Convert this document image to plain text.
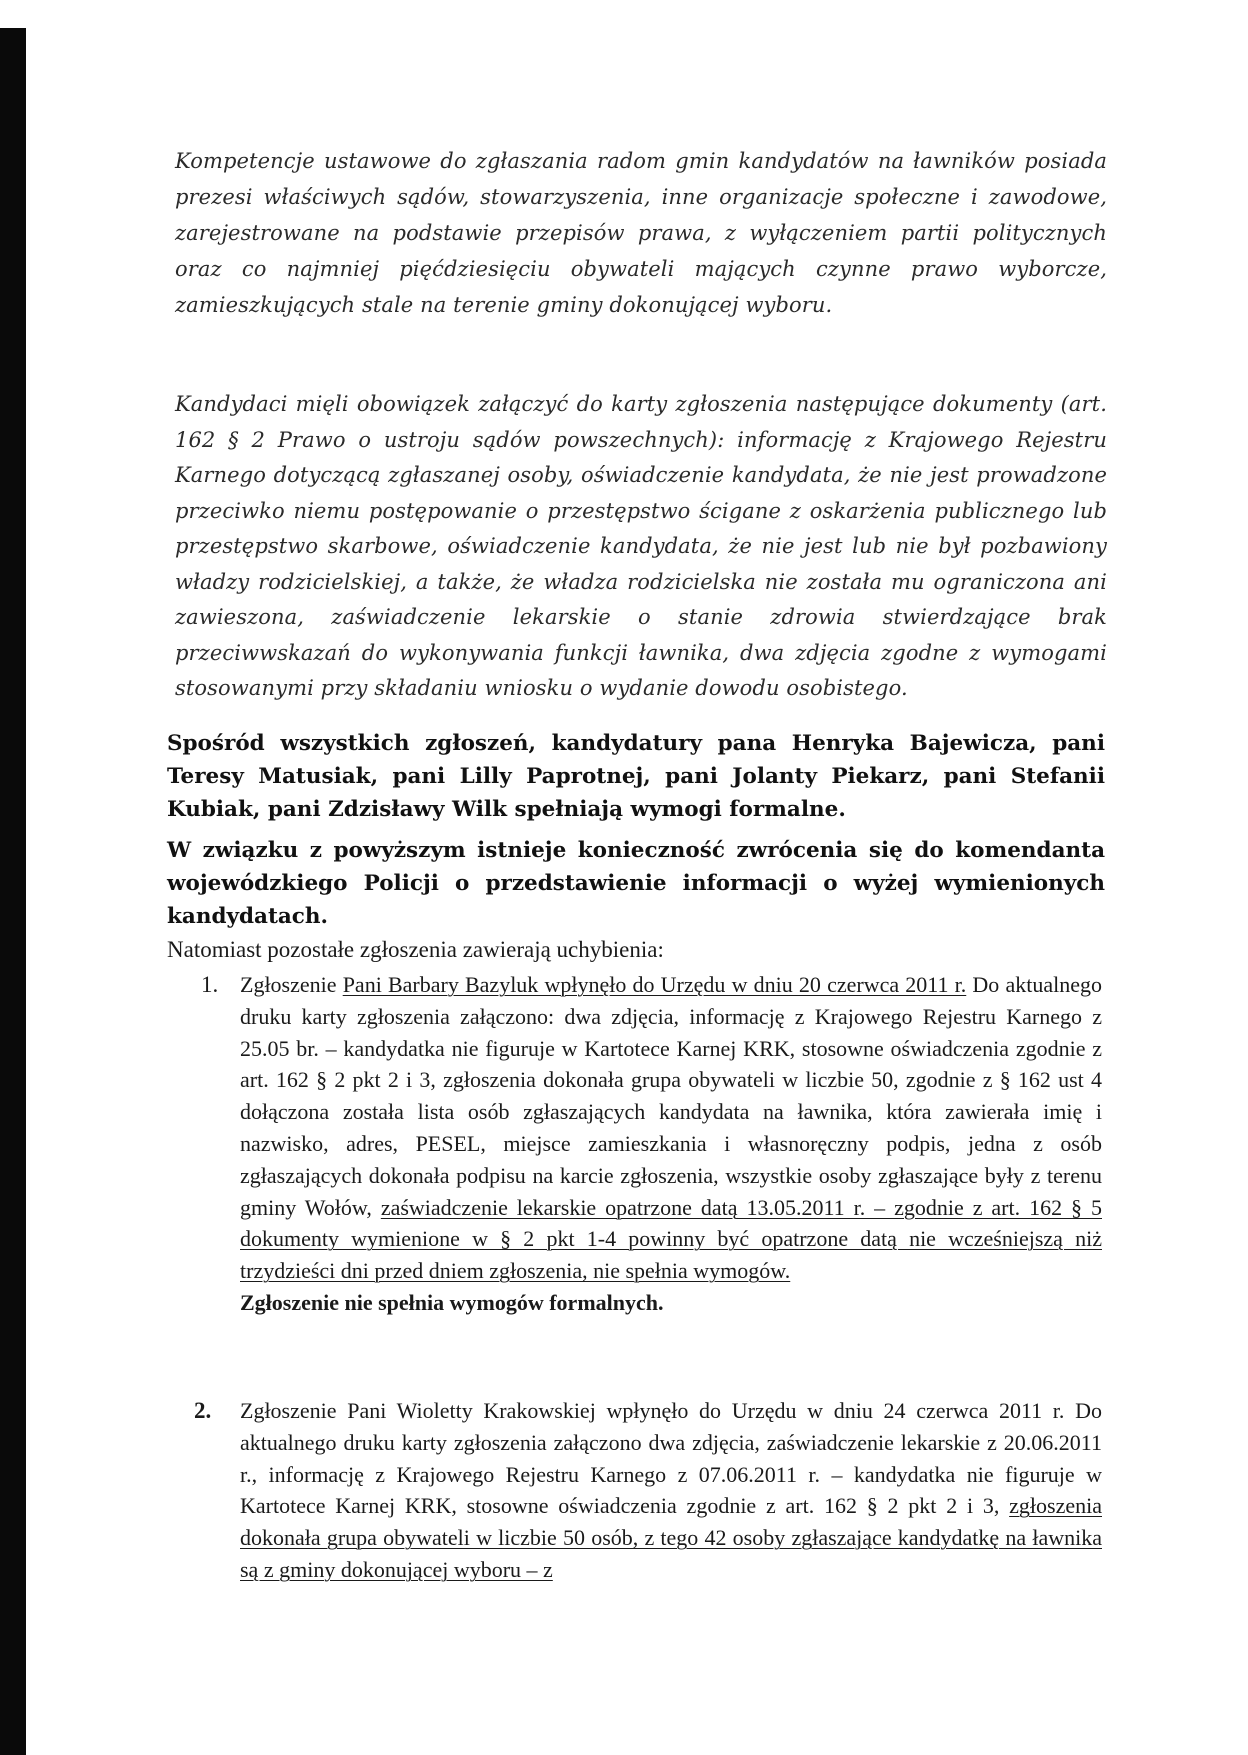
Kompetencje ustawowe do zgłaszania radom gmin kandydatów na ławników posiada prezesi właściwych sądów, stowarzyszenia, inne organizacje społeczne i zawodowe, zarejestrowane na podstawie przepisów prawa, z wyłączeniem partii politycznych oraz co najmniej pięćdziesięciu obywateli mających czynne prawo wyborcze, zamieszkujących stale na terenie gminy dokonującej wyboru.
Kandydaci mięli obowiązek załączyć do karty zgłoszenia następujące dokumenty (art. 162 § 2 Prawo o ustroju sądów powszechnych): informację z Krajowego Rejestru Karnego dotyczącą zgłaszanej osoby, oświadczenie kandydata, że nie jest prowadzone przeciwko niemu postępowanie o przestępstwo ścigane z oskarżenia publicznego lub przestępstwo skarbowe, oświadczenie kandydata, że nie jest lub nie był pozbawiony władzy rodzicielskiej, a także, że władza rodzicielska nie została mu ograniczona ani zawieszona, zaświadczenie lekarskie o stanie zdrowia stwierdzające brak przeciwwskazań do wykonywania funkcji ławnika, dwa zdjęcia zgodne z wymogami stosowanymi przy składaniu wniosku o wydanie dowodu osobistego.
Spośród wszystkich zgłoszeń, kandydatury pana Henryka Bajewicza, pani Teresy Matusiak, pani Lilly Paprotnej, pani Jolanty Piekarz, pani Stefanii Kubiak, pani Zdzisławy Wilk spełniają wymogi formalne.
W związku z powyższym istnieje konieczność zwrócenia się do komendanta wojewódzkiego Policji o przedstawienie informacji o wyżej wymienionych kandydatach.
Natomiast pozostałe zgłoszenia zawierają uchybienia:
1. Zgłoszenie Pani Barbary Bazyluk wpłynęło do Urzędu w dniu 20 czerwca 2011 r. Do aktualnego druku karty zgłoszenia załączono: dwa zdjęcia, informację z Krajowego Rejestru Karnego z 25.05 br. – kandydatka nie figuruje w Kartotece Karnej KRK, stosowne oświadczenia zgodnie z art. 162 § 2 pkt 2 i 3, zgłoszenia dokonała grupa obywateli w liczbie 50, zgodnie z § 162 ust 4 dołączona została lista osób zgłaszających kandydata na ławnika, która zawierała imię i nazwisko, adres, PESEL, miejsce zamieszkania i własnoręczny podpis, jedna z osób zgłaszających dokonała podpisu na karcie zgłoszenia, wszystkie osoby zgłaszające były z terenu gminy Wołów, zaświadczenie lekarskie opatrzone datą 13.05.2011 r. – zgodnie z art. 162 § 5 dokumenty wymienione w § 2 pkt 1-4 powinny być opatrzone datą nie wcześniejszą niż trzydzieści dni przed dniem zgłoszenia, nie spełnia wymogów.
Zgłoszenie nie spełnia wymogów formalnych.
2. Zgłoszenie Pani Wioletty Krakowskiej wpłynęło do Urzędu w dniu 24 czerwca 2011 r. Do aktualnego druku karty zgłoszenia załączono dwa zdjęcia, zaświadczenie lekarskie z 20.06.2011 r., informację z Krajowego Rejestru Karnego z 07.06.2011 r. – kandydatka nie figuruje w Kartotece Karnej KRK, stosowne oświadczenia zgodnie z art. 162 § 2 pkt 2 i 3, zgłoszenia dokonała grupa obywateli w liczbie 50 osób, z tego 42 osoby zgłaszające kandydatkę na ławnika są z gminy dokonującej wyboru – z
